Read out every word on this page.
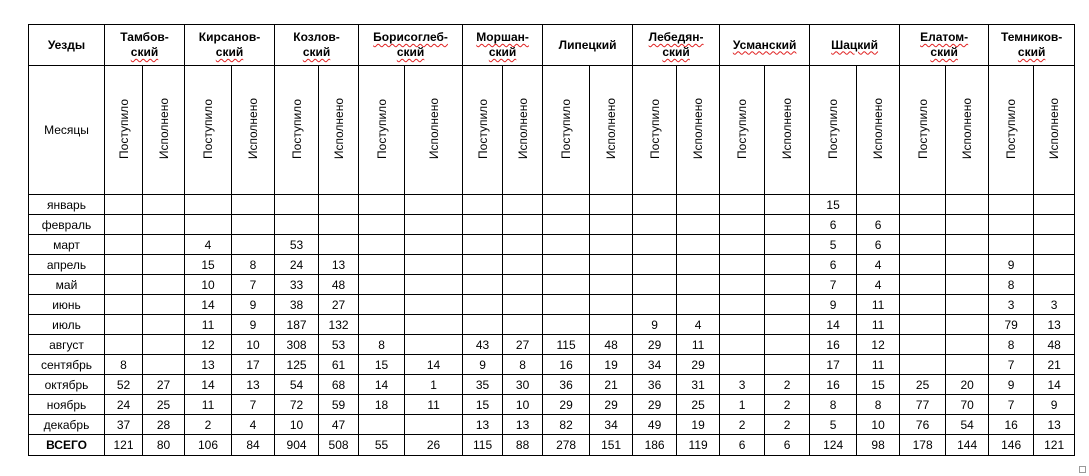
Уезды	Тамбов-
ский		Кирсанов-
ский		Козлов-
ский		Борисоглеб-
ский		Моршан-
ский		Липецкий		Лебедян-
ский		Усманский		Шацкий		Елатом-
ский		Темников-
ский	
Месяцы	Поступило	Исполнено	Поступило	Исполнено	Поступило	Исполнено	Поступило	Исполнено	Поступило	Исполнено	Поступило	Исполнено	Поступило	Исполнено	Поступило	Исполнено	Поступило	Исполнено	Поступило	Исполнено	Поступило	Исполнено
январь																	15					
февраль																	6	6				
март			4		53												5	6				
апрель			15	8	24	13											6	4			9	
май			10	7	33	48											7	4			8	
июнь			14	9	38	27											9	11			3	3
июль			11	9	187	132							9	4			14	11			79	13
август			12	10	308	53	8		43	27	115	48	29	11			16	12			8	48
сентябрь	8		13	17	125	61	15	14	9	8	16	19	34	29			17	11			7	21
октябрь	52	27	14	13	54	68	14	1	35	30	36	21	36	31	3	2	16	15	25	20	9	14
ноябрь	24	25	11	7	72	59	18	11	15	10	29	29	29	25	1	2	8	8	77	70	7	9
декабрь	37	28	2	4	10	47			13	13	82	34	49	19	2	2	5	10	76	54	16	13
ВСЕГО	121	80	106	84	904	508	55	26	115	88	278	151	186	119	6	6	124	98	178	144	146	121
